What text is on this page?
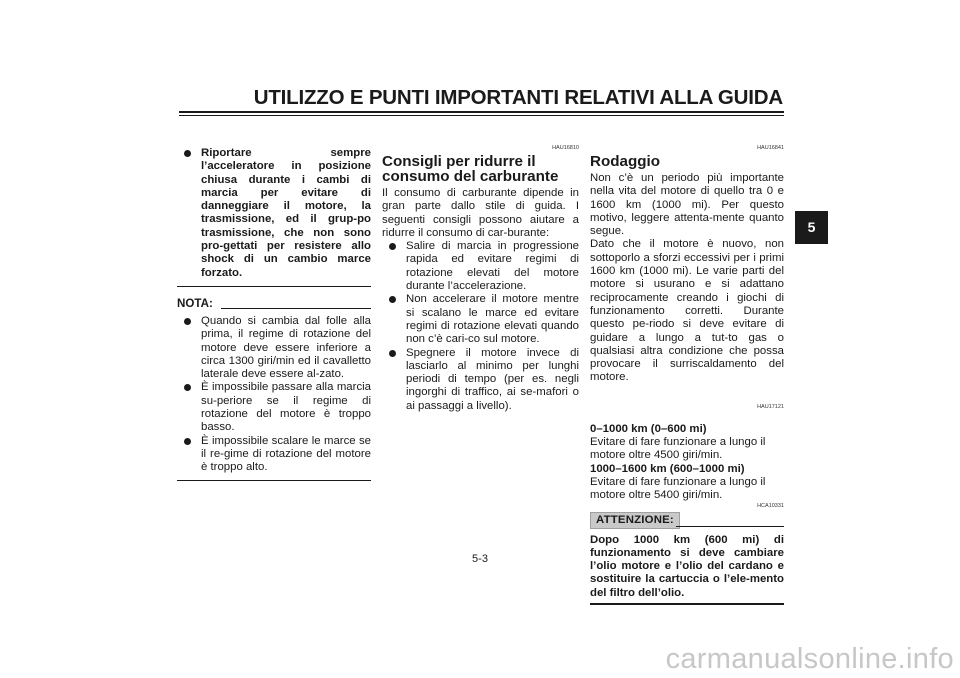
UTILIZZO E PUNTI IMPORTANTI RELATIVI ALLA GUIDA
5
Riportare sempre l’acceleratore in posizione chiusa durante i cambi di marcia per evitare di danneggiare il motore, la trasmissione, ed il grup-po trasmissione, che non sono pro-gettati per resistere allo shock di un cambio marce forzato.
NOTA:
Quando si cambia dal folle alla prima, il regime di rotazione del motore deve essere inferiore a circa 1300 giri/min ed il cavalletto laterale deve essere al-zato.
È impossibile passare alla marcia su-periore se il regime di rotazione del motore è troppo basso.
È impossibile scalare le marce se il re-gime di rotazione del motore è troppo alto.
HAU16810
Consigli per ridurre il consumo del carburante
Il consumo di carburante dipende in gran parte dallo stile di guida. I seguenti consigli possono aiutare a ridurre il consumo di car-burante:
Salire di marcia in progressione rapida ed evitare regimi di rotazione elevati del motore durante l’accelerazione.
Non accelerare il motore mentre si scalano le marce ed evitare regimi di rotazione elevati quando non c’è cari-co sul motore.
Spegnere il motore invece di lasciarlo al minimo per lunghi periodi di tempo (per es. negli ingorghi di traffico, ai se-mafori o ai passaggi a livello).
HAU16841
Rodaggio
Non c’è un periodo più importante nella vita del motore di quello tra 0 e 1600 km (1000 mi). Per questo motivo, leggere attenta-mente quanto segue.
Dato che il motore è nuovo, non sottoporlo a sforzi eccessivi per i primi 1600 km (1000 mi). Le varie parti del motore si usurano e si adattano reciprocamente creando i giochi di funzionamento corretti. Durante questo pe-riodo si deve evitare di guidare a lungo a tut-to gas o qualsiasi altra condizione che possa provocare il surriscaldamento del motore.
HAU17121
0–1000 km (0–600 mi)
Evitare di fare funzionare a lungo il motore oltre 4500 giri/min.
1000–1600 km (600–1000 mi)
Evitare di fare funzionare a lungo il motore oltre 5400 giri/min.
HCA10331
ATTENZIONE:
Dopo 1000 km (600 mi) di funzionamento si deve cambiare l’olio motore e l’olio del cardano e sostituire la cartuccia o l’ele-mento del filtro dell’olio.
5-3
carmanualsonline.info
